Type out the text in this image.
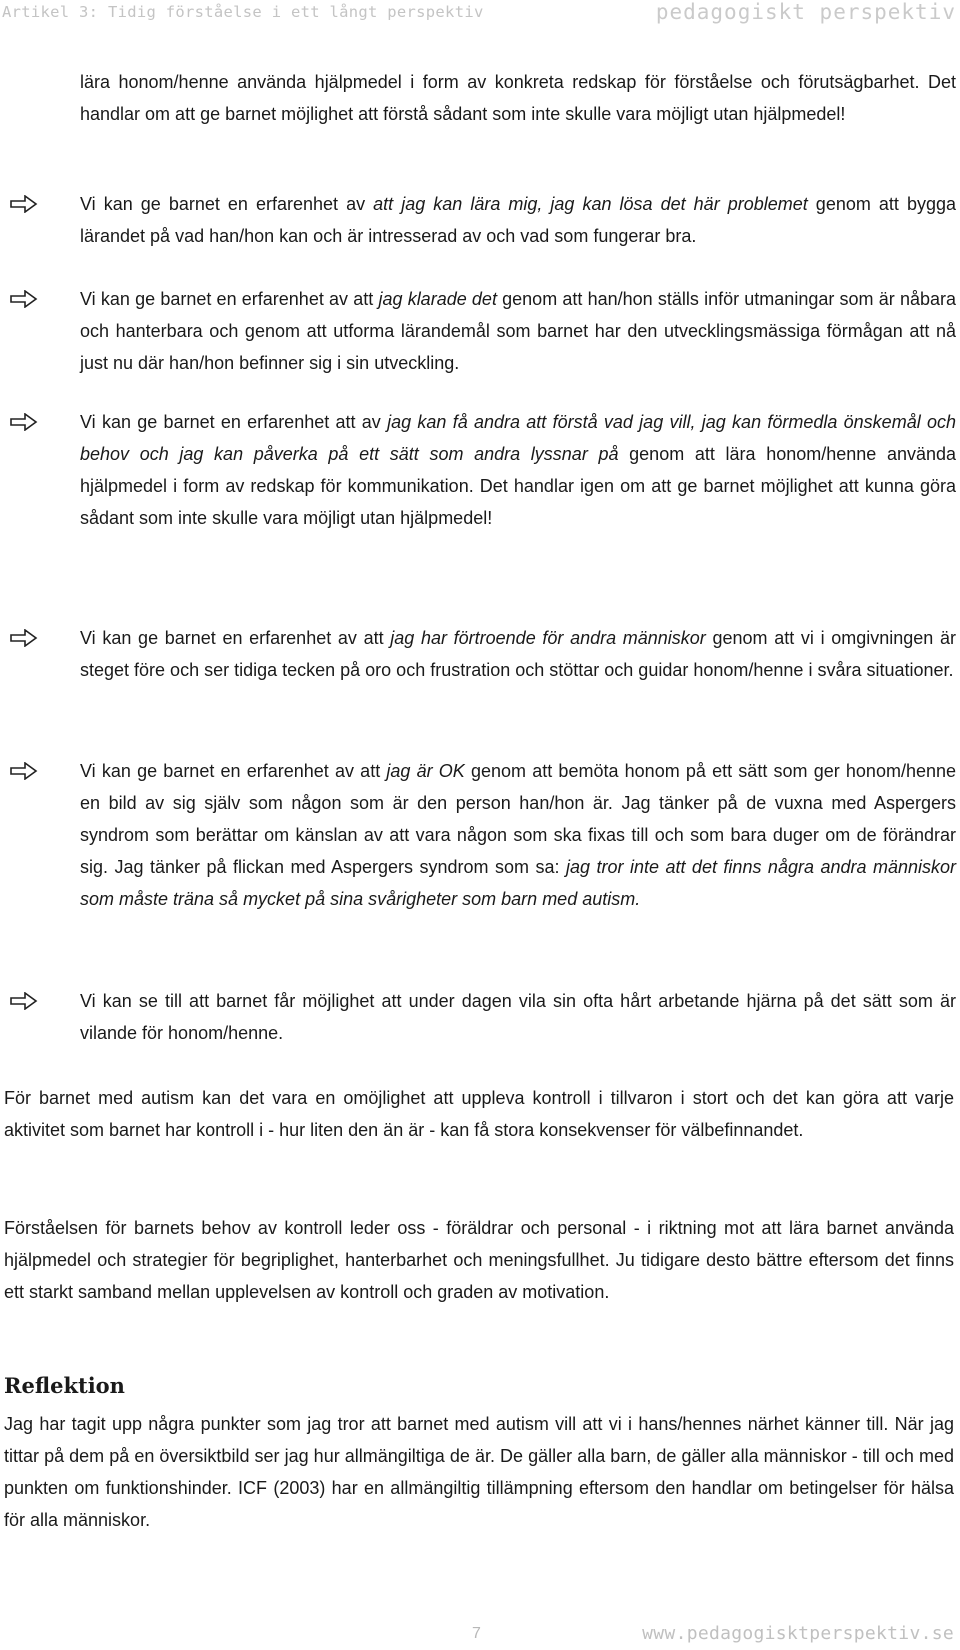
Artikel 3: Tidig förståelse i ett långt perspektiv	pedagogiskt perspektiv

lära honom/henne använda hjälpmedel i form av konkreta redskap för förståelse och förutsägbarhet. Det handlar om att ge barnet möjlighet att förstå sådant som inte skulle vara möjligt utan hjälpmedel!

Vi kan ge barnet en erfarenhet av att jag kan lära mig, jag kan lösa det här problemet genom att bygga lärandet på vad han/hon kan och är intresserad av och vad som fungerar bra.

Vi kan ge barnet en erfarenhet av att jag klarade det genom att han/hon ställs inför utmaningar som är nåbara och hanterbara och genom att utforma lärandemål som barnet har den utvecklingsmässiga förmågan att nå just nu där han/hon befinner sig i sin utveckling.

Vi kan ge barnet en erfarenhet att av jag kan få andra att förstå vad jag vill, jag kan förmedla önskemål och behov och jag kan påverka på ett sätt som andra lyssnar på genom att lära honom/henne använda hjälpmedel i form av redskap för kommunikation. Det handlar igen om att ge barnet möjlighet att kunna göra sådant som inte skulle vara möjligt utan hjälpmedel!

Vi kan ge barnet en erfarenhet av att jag har förtroende för andra människor genom att vi i omgivningen är steget före och ser tidiga tecken på oro och frustration och stöttar och guidar honom/henne i svåra situationer.

Vi kan ge barnet en erfarenhet av att jag är OK genom att bemöta honom på ett sätt som ger honom/henne en bild av sig själv som någon som är den person han/hon är. Jag tänker på de vuxna med Aspergers syndrom som berättar om känslan av att vara någon som ska fixas till och som bara duger om de förändrar sig. Jag tänker på flickan med Aspergers syndrom som sa: jag tror inte att det finns några andra människor som måste träna så mycket på sina svårigheter som barn med autism.

Vi kan se till att barnet får möjlighet att under dagen vila sin ofta hårt arbetande hjärna på det sätt som är vilande för honom/henne.

För barnet med autism kan det vara en omöjlighet att uppleva kontroll i tillvaron i stort och det kan göra att varje aktivitet som barnet har kontroll i - hur liten den än är - kan få stora konsekvenser för välbefinnandet.

Förståelsen för barnets behov av kontroll leder oss - föräldrar och personal - i riktning mot att lära barnet använda hjälpmedel och strategier för begriplighet, hanterbarhet och meningsfullhet. Ju tidigare desto bättre eftersom det finns ett starkt samband mellan upplevelsen av kontroll och graden av motivation.

Reflektion

Jag har tagit upp några punkter som jag tror att barnet med autism vill att vi i hans/hennes närhet känner till. När jag tittar på dem på en översiktbild ser jag hur allmängiltiga de är. De gäller alla barn, de gäller alla människor - till och med punkten om funktionshinder. ICF (2003) har en allmängiltig tillämpning eftersom den handlar om betingelser för hälsa för alla människor.

7	www.pedagogisktperspektiv.se
